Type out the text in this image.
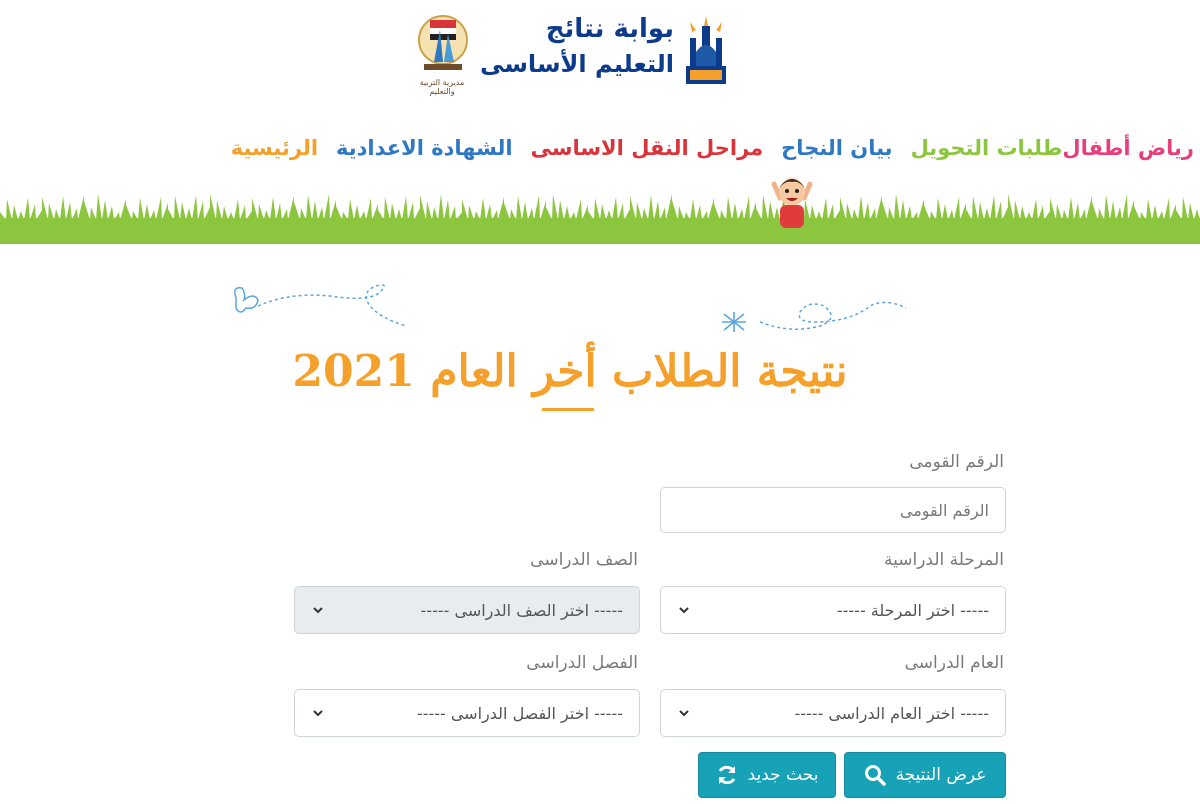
مديرية التربية والتعليم
بوابة نتائج
التعليم الأساسى
الرئيسية الشهادة الاعدادية مراحل النقل الاساسى بيان النجاح طلبات التحويل رياض أطفال
نتيجة الطلاب أخر العام 2021
الرقم القومى
الرقم القومى
المرحلة الدراسية
----- اختر المرحلة -----
الصف الدراسى
----- اختر الصف الدراسى -----
العام الدراسى
----- اختر العام الدراسى -----
الفصل الدراسى
----- اختر الفصل الدراسى -----
عرض النتيجة
بحث جديد
